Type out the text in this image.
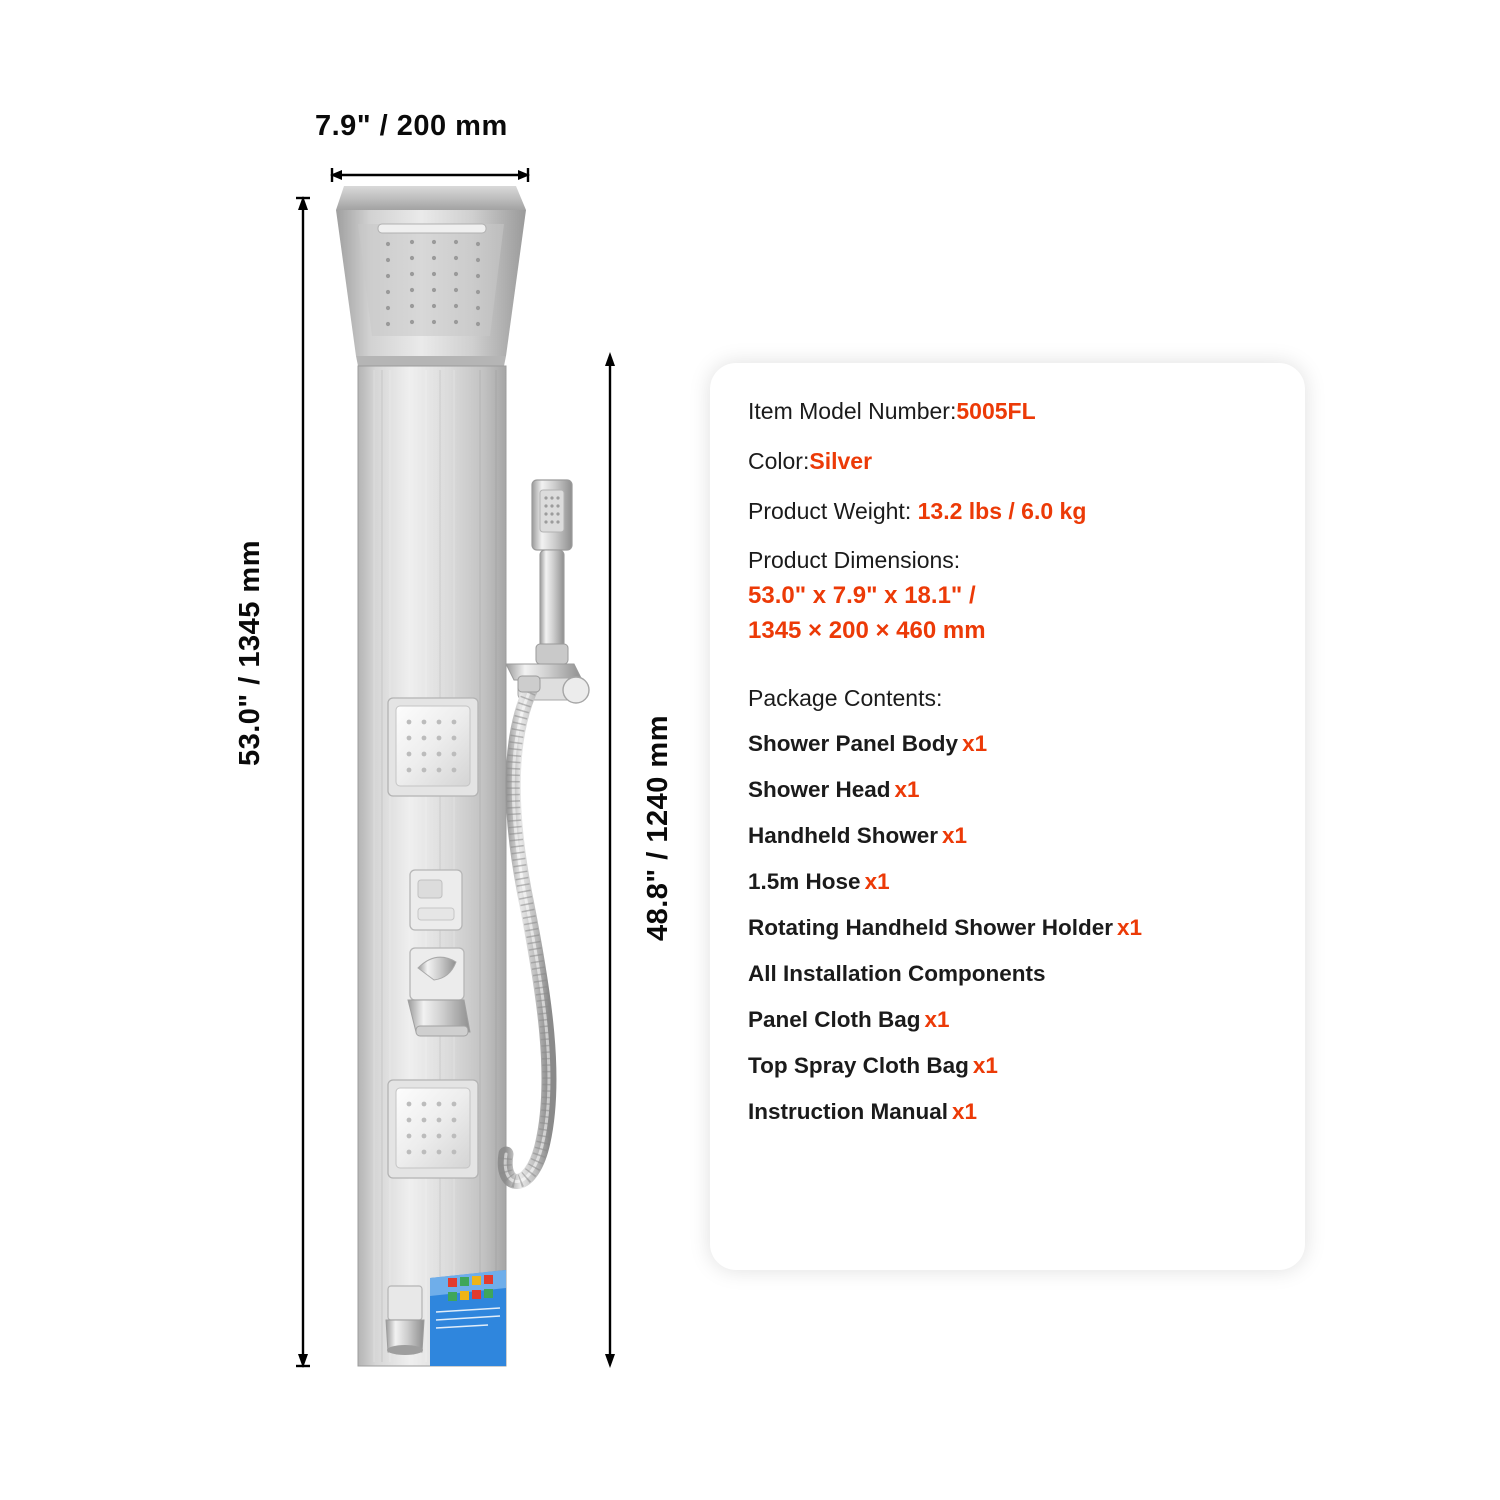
7.9" / 200 mm
53.0" / 1345 mm
48.8" / 1240 mm
Item Model Number:5005FL
Color:Silver
Product Weight: 13.2 lbs / 6.0 kg
Product Dimensions:
53.0" x 7.9" x 18.1" /
1345 × 200 × 460 mm
Package Contents:
Shower Panel Body x1
Shower Head x1
Handheld Shower x1
1.5m Hose x1
Rotating Handheld Shower Holder x1
All Installation Components
Panel Cloth Bag x1
Top Spray Cloth Bag x1
Instruction Manual x1
